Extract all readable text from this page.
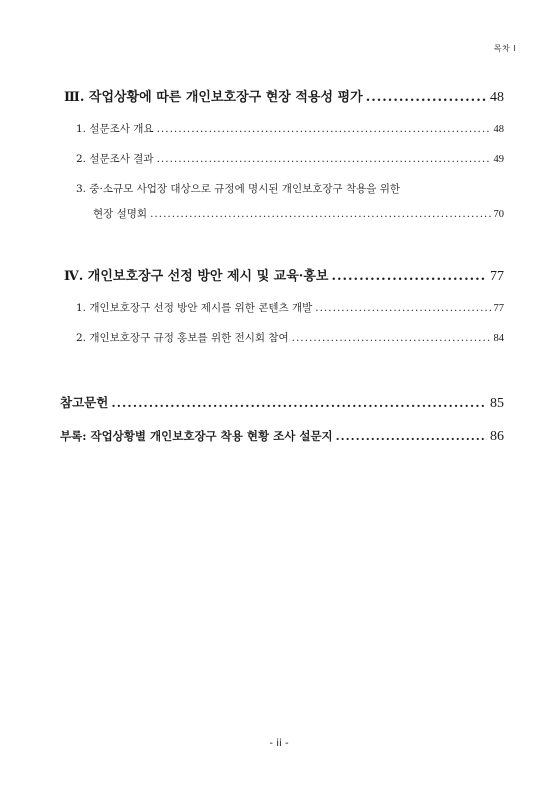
목차 l
Ⅲ. 작업상황에 따른 개인보호장구 현장 적용성 평가 .....	48
1. 설문조사 개요 .....	48
2. 설문조사 결과 .....	49
3. 중·소규모 사업장 대상으로 규정에 명시된 개인보호장구 착용을 위한
현장 설명회 .....	70
Ⅳ. 개인보호장구 선정 방안 제시 및 교육·홍보 .....	77
1. 개인보호장구 선정 방안 제시를 위한 콘텐츠 개발 .....	77
2. 개인보호장구 규정 홍보를 위한 전시회 참여 .....	84
참고문헌 .....	85
부록: 작업상황별 개인보호장구 착용 현황 조사 설문지 .....	86
- ii -
